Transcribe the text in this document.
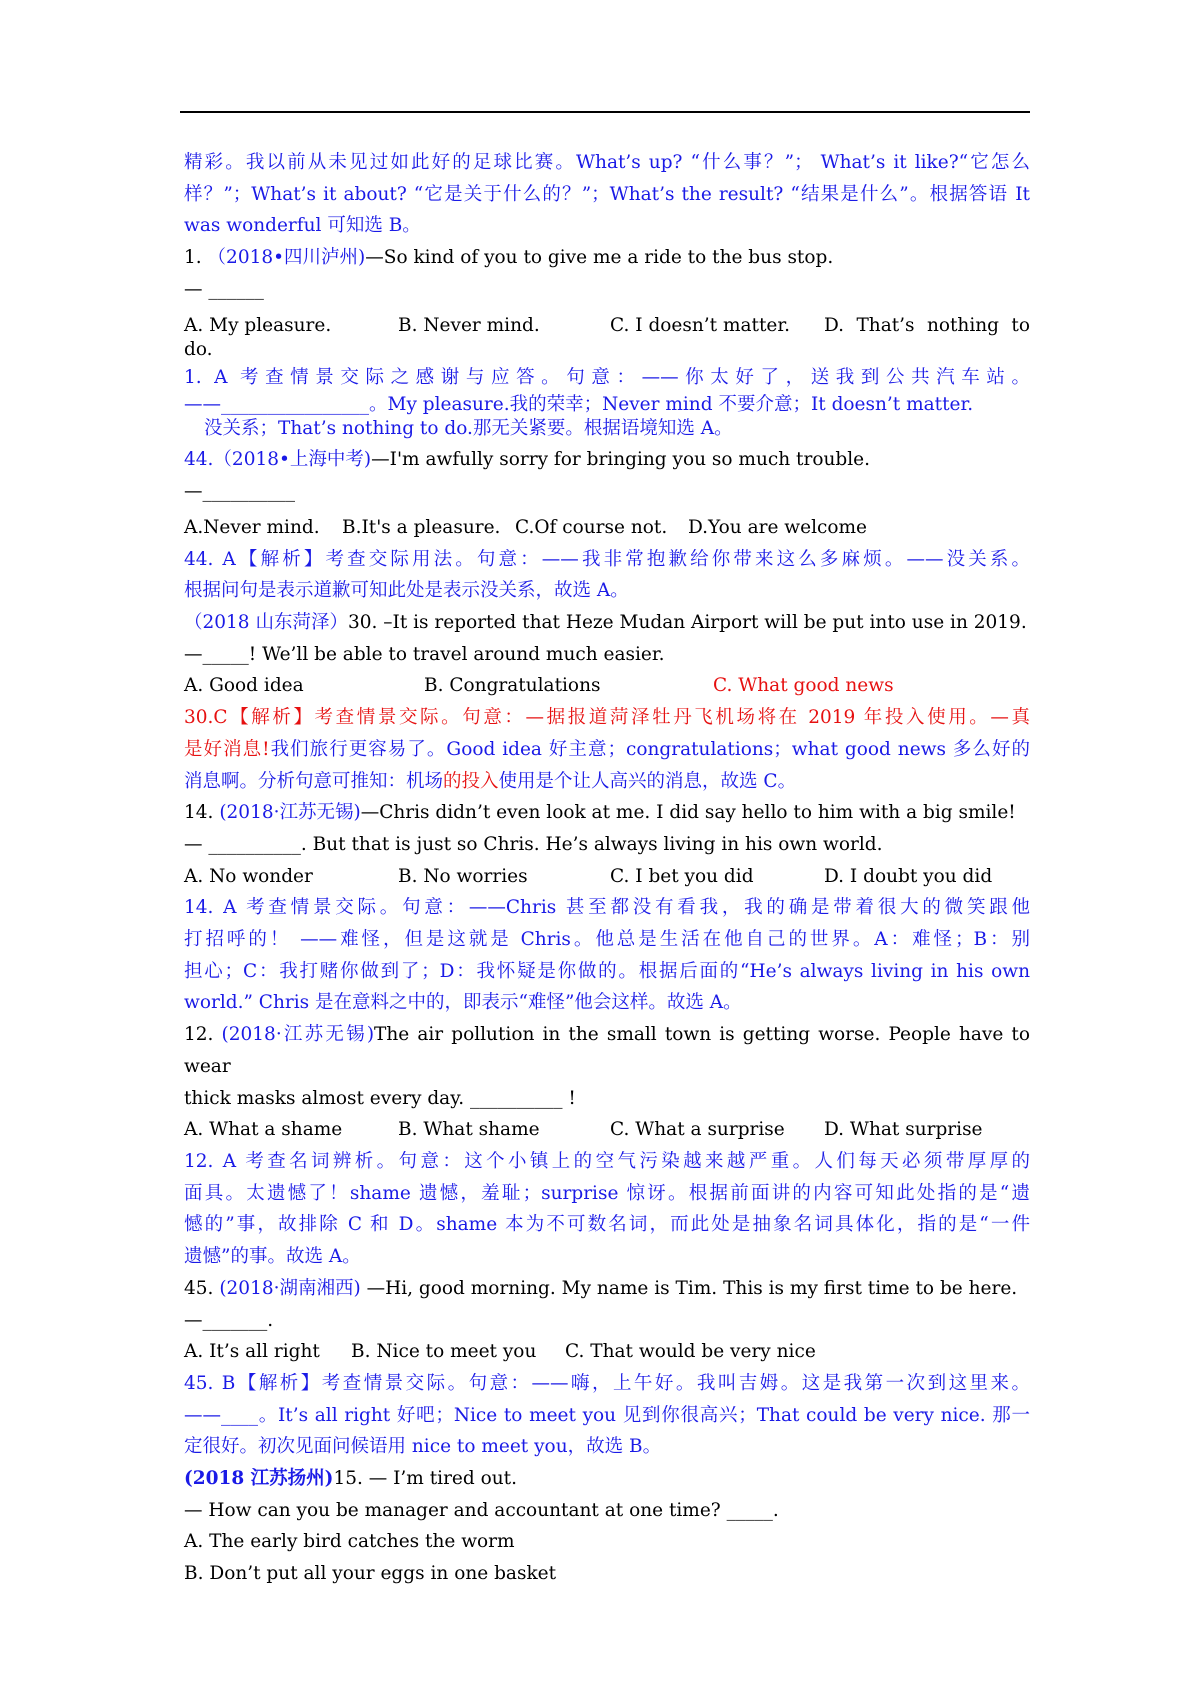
精彩。我以前从未见过如此好的足球比赛。What’s up? “什么事？”； What’s it like?“它怎么
样？”；What’s it about? “它是关于什么的？”；What’s the result? “结果是什么”。根据答语 It
was wonderful 可知选 B。
1. （2018•四川泸州)—So kind of you to give me a ride to the bus stop.
— ______
A. My pleasure.	B. Never mind.	C. I doesn’t matter.	D. That’s nothing to
do.
1. A 考查情景交际之感谢与应答。句意：——你太好了，送我到公共汽车站。
——________________。My pleasure.我的荣幸；Never mind 不要介意；It doesn’t matter.
没关系；That’s nothing to do.那无关紧要。根据语境知选 A。
44.（2018•上海中考)—I'm awfully sorry for bringing you so much trouble.
—__________
A.Never mind.	B.It's a pleasure. C.Of course not.	D.You are welcome
44. A【解析】考查交际用法。句意：——我非常抱歉给你带来这么多麻烦。——没关系。
根据问句是表示道歉可知此处是表示没关系，故选 A。
（2018 山东菏泽）30. –It is reported that Heze Mudan Airport will be put into use in 2019.
—_____! We’ll be able to travel around much easier.
A. Good idea	B. Congratulations	C. What good news
30.C【解析】考查情景交际。句意：—据报道菏泽牡丹飞机场将在 2019 年投入使用。—真
是好消息!我们旅行更容易了。Good idea 好主意；congratulations；what good news 多么好的
消息啊。分析句意可推知：机场的投入使用是个让人高兴的消息，故选 C。
14. (2018·江苏无锡)—Chris didn’t even look at me. I did say hello to him with a big smile!
— __________. But that is just so Chris. He’s always living in his own world.
A. No wonder	B. No worries	C. I bet you did	D. I doubt you did
14. A 考查情景交际。句意：——Chris 甚至都没有看我，我的确是带着很大的微笑跟他
打招呼的！ ——难怪，但是这就是 Chris。他总是生活在他自己的世界。A：难怪；B：别
担心；C：我打赌你做到了；D：我怀疑是你做的。根据后面的“He’s always living in his own
world.” Chris 是在意料之中的，即表示“难怪”他会这样。故选 A。
12. (2018·江苏无锡)The air pollution in the small town is getting worse. People have to wear
thick masks almost every day. __________ !
A. What a shame	B. What shame	C. What a surprise	D. What surprise
12. A 考查名词辨析。句意：这个小镇上的空气污染越来越严重。人们每天必须带厚厚的
面具。太遗憾了！shame 遗憾，羞耻；surprise 惊讶。根据前面讲的内容可知此处指的是“遗
憾的”事，故排除 C 和 D。shame 本为不可数名词，而此处是抽象名词具体化，指的是“一件
遗憾”的事。故选 A。
45. (2018·湖南湘西) —Hi, good morning. My name is Tim. This is my first time to be here.
—_______.
A. It’s all right	B. Nice to meet you	C. That would be very nice
45. B【解析】考查情景交际。句意：——嗨，上午好。我叫吉姆。这是我第一次到这里来。
——____。It’s all right 好吧；Nice to meet you 见到你很高兴；That could be very nice. 那一
定很好。初次见面问候语用 nice to meet you，故选 B。
(2018 江苏扬州)15. — I’m tired out.
— How can you be manager and accountant at one time? _____.
A. The early bird catches the worm
B. Don’t put all your eggs in one basket
